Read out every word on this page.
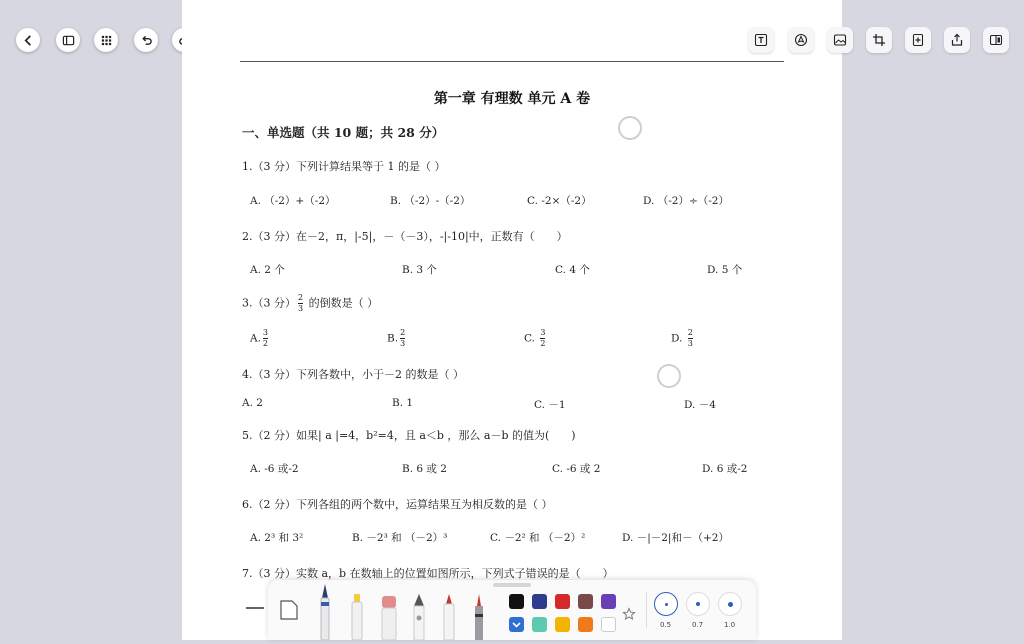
第一章 有理数 单元 A 卷
一、单选题（共 10 题；共 28 分）
1.（3 分）下列计算结果等于 1 的是（ ）
A. （-2）+（-2）	B. （-2）-（-2）	C. -2×（-2）	D. （-2）÷（-2）
2.（3 分）在－2，π，|-5|，－（－3），-|-10|中，正数有（　　）
A. 2 个	B. 3 个	C. 4 个	D. 5 个
3.（3 分） $\frac{2}{3}$ 的倒数是（ ）
A. $\frac{3}{2}$	B. $\frac{2}{3}$	C. $\frac{3}{2}$	D. $\frac{2}{3}$
4.（3 分）下列各数中，小于－2 的数是（ ）
A. 2	B. 1	C. －1	D. －4
5.（2 分）如果| a |=4，b²=4，且 a＜b ，那么 a－b 的值为(　　)
A. -6 或-2	B. 6 或 2	C. -6 或 2	D. 6 或-2
6.（2 分）下列各组的两个数中，运算结果互为相反数的是（ ）
A. 2³ 和 3²	B. －2³ 和 （－2）³	C. －2² 和 （－2）²	D. －|－2|和－（+2）
7.（3 分）实数 a，b 在数轴上的位置如图所示，下列式子错误的是（　　）
0.5	0.7	1.0
